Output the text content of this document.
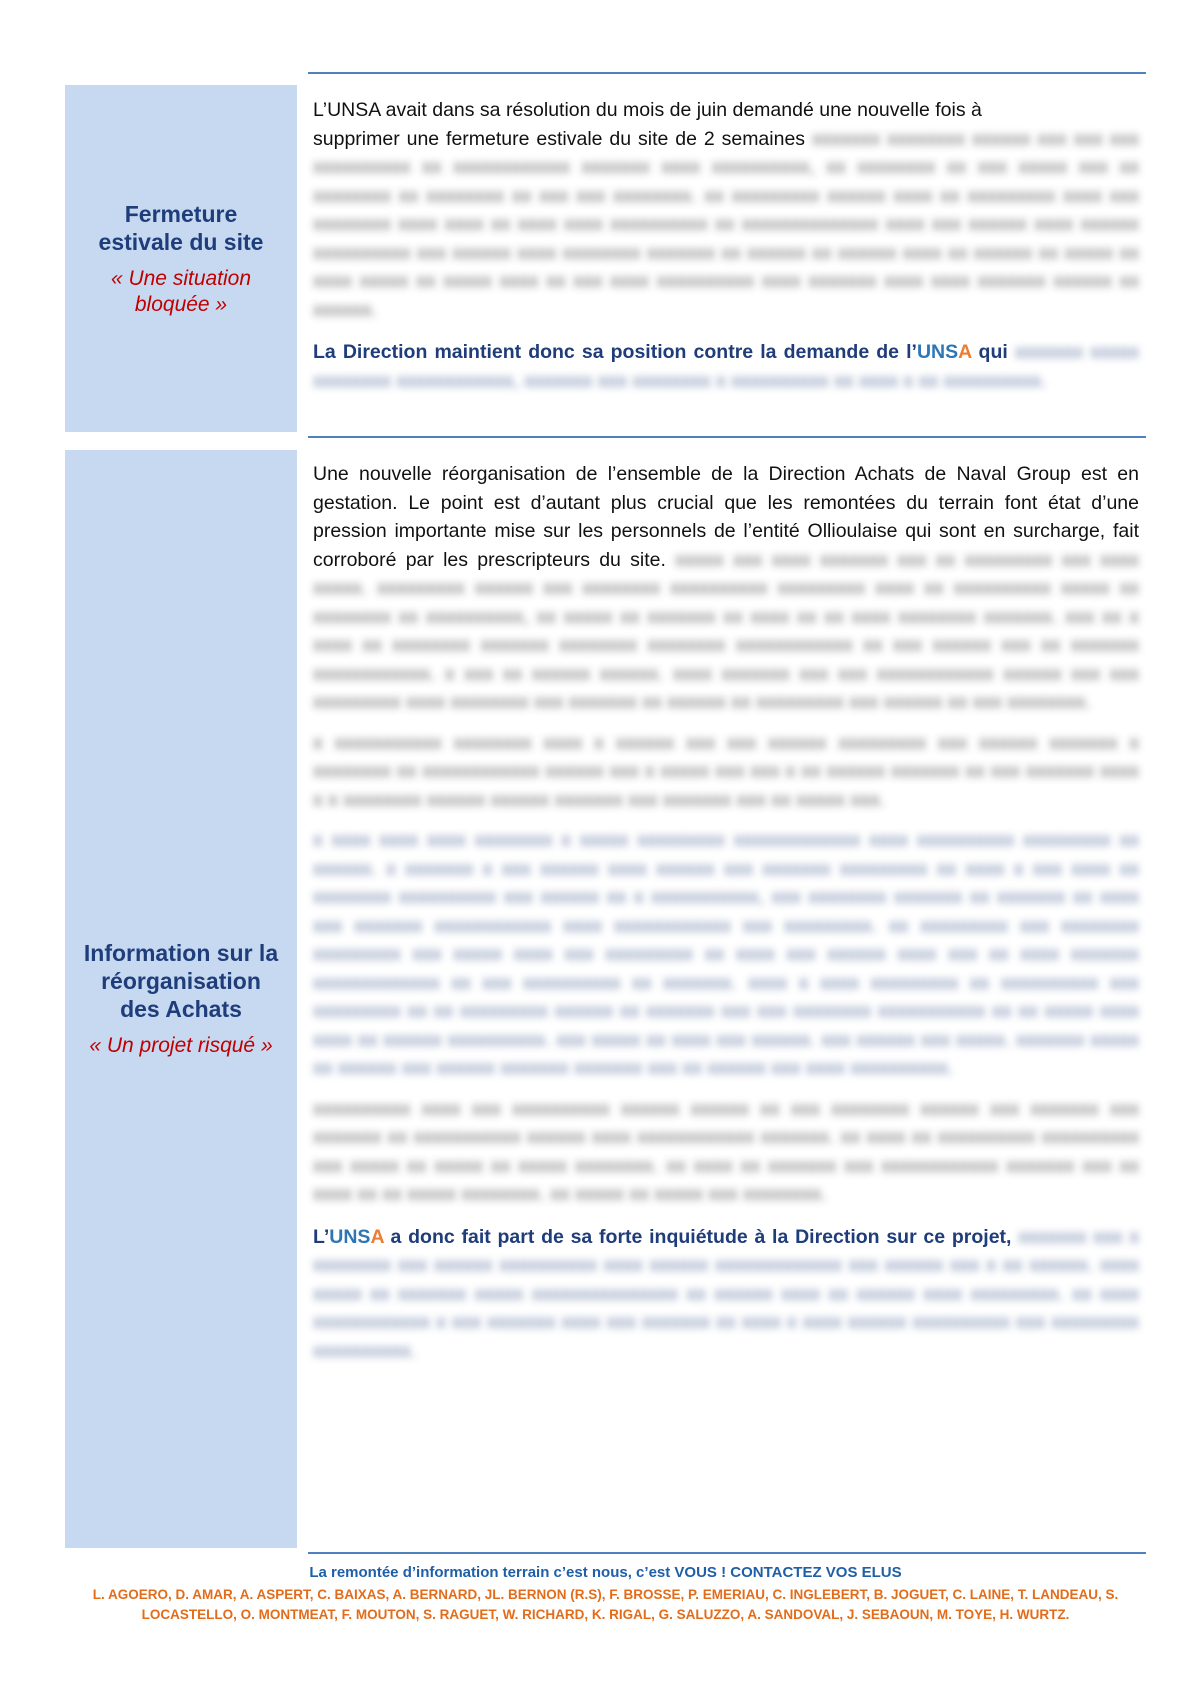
Fermeture
estivale du site
« Une situation
bloquée »

L’UNSA avait dans sa résolution du mois de juin demandé une nouvelle fois à
supprimer une fermeture estivale du site de 2 semaines xxxxxxx xxxxxxxx xxxxxx xxx xxx xxx xxxxxxxxxx xx xxxxxxxxxxxx xxxxxxx xxxx xxxxxxxxxx, xx xxxxxxxx xx xxx xxxxx xxx xx xxxxxxxx xx xxxxxxxx xx xxx xxx xxxxxxxx. xx xxxxxxxxx xxxxxx xxxx xx xxxxxxxxx xxxx xxx xxxxxxxx xxxx xxxx xx xxxx xxxx xxxxxxxxxx xx xxxxxxxxxxxxxx xxxx xxx xxxxxx xxxx xxxxxx xxxxxxxxxx xxx xxxxxx xxxx xxxxxxxx xxxxxxx xx xxxxxx xx xxxxxx xxxx xx xxxxxx xx xxxxx xx xxxx xxxxx xx xxxxx xxxx xx xxx xxxx xxxxxxxxxx xxxx xxxxxxx xxxx xxxx xxxxxxx xxxxxx xx xxxxxx.

La Direction maintient donc sa position contre la demande de l’UNSA qui xxxxxxx xxxxx xxxxxxxx xxxxxxxxxxxx, xxxxxxx xxx xxxxxxxx x xxxxxxxxxx xx xxxx x xx xxxxxxxxxx.

Information sur la
réorganisation
des Achats
« Un projet risqué »

Une nouvelle réorganisation de l’ensemble de la Direction Achats de Naval Group est en gestation. Le point est d’autant plus crucial que les remontées du terrain font état d’une pression importante mise sur les personnels de l’entité Ollioulaise qui sont en surcharge, fait corroboré par les prescripteurs du site. xxxxx xxx xxxx xxxxxxx xxx xx xxxxxxxxx xxx xxxx xxxxx. xxxxxxxxx xxxxxx xxx xxxxxxxx xxxxxxxxxx xxxxxxxxx xxxx xx xxxxxxxxxx xxxxx xx xxxxxxxx xx xxxxxxxxxx, xx xxxxx xx xxxxxxx xx xxxx xx xx xxxx xxxxxxxx xxxxxxx. xxx xx x xxxx xx xxxxxxxx xxxxxxx xxxxxxxx xxxxxxxx xxxxxxxxxxxx xx xxx xxxxxx xxx xx xxxxxxx xxxxxxxxxxxx. x xxx xx xxxxxx xxxxxx. xxxx xxxxxxx xxx xxx xxxxxxxxxxxx xxxxxx xxx xxx xxxxxxxxx xxxx xxxxxxxx xxx xxxxxxx xx xxxxxx xx xxxxxxxxx xxx xxxxxx xx xxx xxxxxxxx.

x xxxxxxxxxxx xxxxxxxx xxxx x xxxxxx xxx xxx xxxxxx xxxxxxxxx xxx xxxxxx xxxxxxx x xxxxxxxx xx xxxxxxxxxxxx xxxxxx xxx x xxxxx xxx xxx x xx xxxxxx xxxxxxx xx xxx xxxxxxx xxxx x x xxxxxxxx xxxxxx xxxxxx xxxxxxx xxx xxxxxxx xxx xx xxxxx xxx.

x xxxx xxxx xxxx xxxxxxxx x xxxxx xxxxxxxxx xxxxxxxxxxxxx xxxx xxxxxxxxxx xxxxxxxxx xx xxxxxx. x xxxxxxx x xxx xxxxxx xxxx xxxxxx xxx xxxxxxx xxxxxxxxx xx xxxx x xxx xxxx xx xxxxxxxx xxxxxxxxxx xxx xxxxxx xx x xxxxxxxxxxx, xxx xxxxxxxx xxxxxxx xx xxxxxxx xx xxxx xxx xxxxxxx xxxxxxxxxxxx xxxx xxxxxxxxxxxx xxx xxxxxxxxx. xx xxxxxxxxx xxx xxxxxxxx xxxxxxxxx xxx xxxxx xxxx xxx xxxxxxxxx xx xxxx xxx xxxxxx xxxx xxx xx xxxx xxxxxxx xxxxxxxxxxxxx xx xxx xxxxxxxxxx xx xxxxxxx. xxxx x xxxx xxxxxxxxx xx xxxxxxxxxx xxx xxxxxxxxx xx xx xxxxxxxxx xxxxxx xx xxxxxxx xxx xxx xxxxxxxx xxxxxxxxxxx xx xx xxxxx xxxx xxxx xx xxxxxx xxxxxxxxxx. xxx xxxxx xx xxxx xxx xxxxxx. xxx xxxxxx xxx xxxxx. xxxxxxx xxxxx xx xxxxxx xxx xxxxxx xxxxxxx xxxxxxx xxx xx xxxxxx xxx xxxx xxxxxxxxxx.

xxxxxxxxxx xxxx xxx xxxxxxxxxx xxxxxx xxxxxx xx xxx xxxxxxxx xxxxxx xxx xxxxxxx xxx xxxxxxx xx xxxxxxxxxxx xxxxxx xxxx xxxxxxxxxxxx xxxxxxx. xx xxxx xx xxxxxxxxxx xxxxxxxxxx xxx xxxxx xx xxxxx xx xxxxx xxxxxxxx. xx xxxx xx xxxxxxx xxx xxxxxxxxxxxx xxxxxxx xxx xx xxxx xx xx xxxxx xxxxxxxx. xx xxxxx xx xxxxx xxx xxxxxxxx.

L’UNSA a donc fait part de sa forte inquiétude à la Direction sur ce projet, xxxxxxx xxx x xxxxxxxx xxx xxxxxx xxxxxxxxxx xxxx xxxxxx xxxxxxxxxxxxx xxx xxxxxx xxx x xx xxxxxx. xxxx xxxxx xx xxxxxxx xxxxx xxxxxxxxxxxxxxx xx xxxxxx xxxx xx xxxxxx xxxx xxxxxxxxx. xx xxxx xxxxxxxxxxxx x xxx xxxxxxx xxxx xxx xxxxxxx xx xxxx x xxxx xxxxxx xxxxxxxxxx xxx xxxxxxxxx xxxxxxxxxx.

La remontée d’information terrain c’est nous, c’est VOUS ! CONTACTEZ VOS ELUS
L. AGOERO, D. AMAR, A. ASPERT, C. BAIXAS, A. BERNARD, JL. BERNON (R.S), F. BROSSE, P. EMERIAU, C. INGLEBERT, B. JOGUET, C. LAINE, T. LANDEAU, S.
LOCASTELLO, O. MONTMEAT, F. MOUTON, S. RAGUET, W. RICHARD, K. RIGAL, G. SALUZZO, A. SANDOVAL, J. SEBAOUN, M. TOYE, H. WURTZ.
